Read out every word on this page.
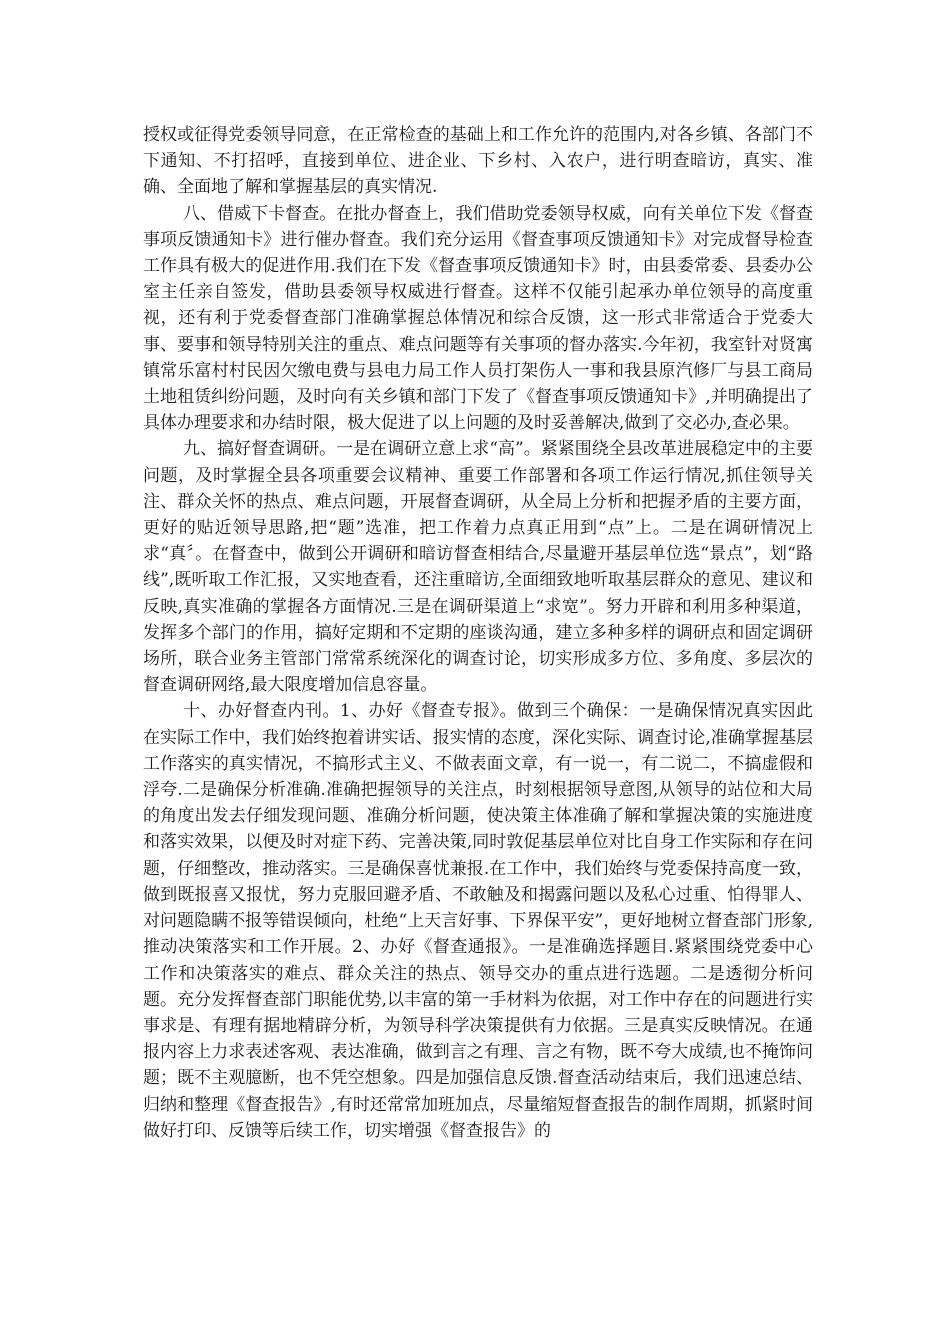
授权或征得党委领导同意，在正常检查的基础上和工作允许的范围内,对各乡镇、各部门不下通知、不打招呼，直接到单位、进企业、下乡村、入农户，进行明查暗访，真实、准确、全面地了解和掌握基层的真实情况.

八、借威下卡督查。在批办督查上，我们借助党委领导权威，向有关单位下发《督查事项反馈通知卡》进行催办督查。我们充分运用《督查事项反馈通知卡》对完成督导检查工作具有极大的促进作用.我们在下发《督查事项反馈通知卡》时，由县委常委、县委办公室主任亲自签发，借助县委领导权威进行督查。这样不仅能引起承办单位领导的高度重视，还有利于党委督查部门准确掌握总体情况和综合反馈，这一形式非常适合于党委大事、要事和领导特别关注的重点、难点问题等有关事项的督办落实.今年初，我室针对贤寓镇常乐富村村民因欠缴电费与县电力局工作人员打架伤人一事和我县原汽修厂与县工商局土地租赁纠纷问题，及时向有关乡镇和部门下发了《督查事项反馈通知卡》,并明确提出了具体办理要求和办结时限，极大促进了以上问题的及时妥善解决,做到了交必办,查必果。

九、搞好督查调研。一是在调研立意上求“高”。紧紧围绕全县改革进展稳定中的主要问题，及时掌握全县各项重要会议精神、重要工作部署和各项工作运行情况,抓住领导关注、群众关怀的热点、难点问题，开展督查调研，从全局上分析和把握矛盾的主要方面，更好的贴近领导思路,把“题”选准，把工作着力点真正用到“点”上。二是在调研情况上求“真〞。在督查中，做到公开调研和暗访督查相结合,尽量避开基层单位选“景点”，划“路线”,既听取工作汇报，又实地查看，还注重暗访,全面细致地听取基层群众的意见、建议和反映,真实准确的掌握各方面情况.三是在调研渠道上“求宽”。努力开辟和利用多种渠道，发挥多个部门的作用，搞好定期和不定期的座谈沟通，建立多种多样的调研点和固定调研场所，联合业务主管部门常常系统深化的调查讨论，切实形成多方位、多角度、多层次的督查调研网络,最大限度增加信息容量。

十、办好督查内刊。1、办好《督查专报》。做到三个确保：一是确保情况真实因此在实际工作中，我们始终抱着讲实话、报实情的态度，深化实际、调查讨论,准确掌握基层工作落实的真实情况，不搞形式主义、不做表面文章，有一说一，有二说二，不搞虚假和浮夸.二是确保分析准确.准确把握领导的关注点，时刻根据领导意图,从领导的站位和大局的角度出发去仔细发现问题、准确分析问题，使决策主体准确了解和掌握决策的实施进度和落实效果，以便及时对症下药、完善决策,同时敦促基层单位对比自身工作实际和存在问题，仔细整改，推动落实。三是确保喜忧兼报.在工作中，我们始终与党委保持高度一致，做到既报喜又报忧，努力克服回避矛盾、不敢触及和揭露问题以及私心过重、怕得罪人、对问题隐瞒不报等错误倾向，杜绝“上天言好事、下界保平安”，更好地树立督查部门形象,推动决策落实和工作开展。2、办好《督查通报》。一是准确选择题目.紧紧围绕党委中心工作和决策落实的难点、群众关注的热点、领导交办的重点进行选题。二是透彻分析问题。充分发挥督查部门职能优势,以丰富的第一手材料为依据，对工作中存在的问题进行实事求是、有理有据地精辟分析，为领导科学决策提供有力依据。三是真实反映情况。在通报内容上力求表述客观、表达准确，做到言之有理、言之有物，既不夸大成绩,也不掩饰问题；既不主观臆断，也不凭空想象。四是加强信息反馈.督查活动结束后，我们迅速总结、归纳和整理《督查报告》,有时还常常加班加点，尽量缩短督查报告的制作周期，抓紧时间做好打印、反馈等后续工作，切实增强《督查报告》的
